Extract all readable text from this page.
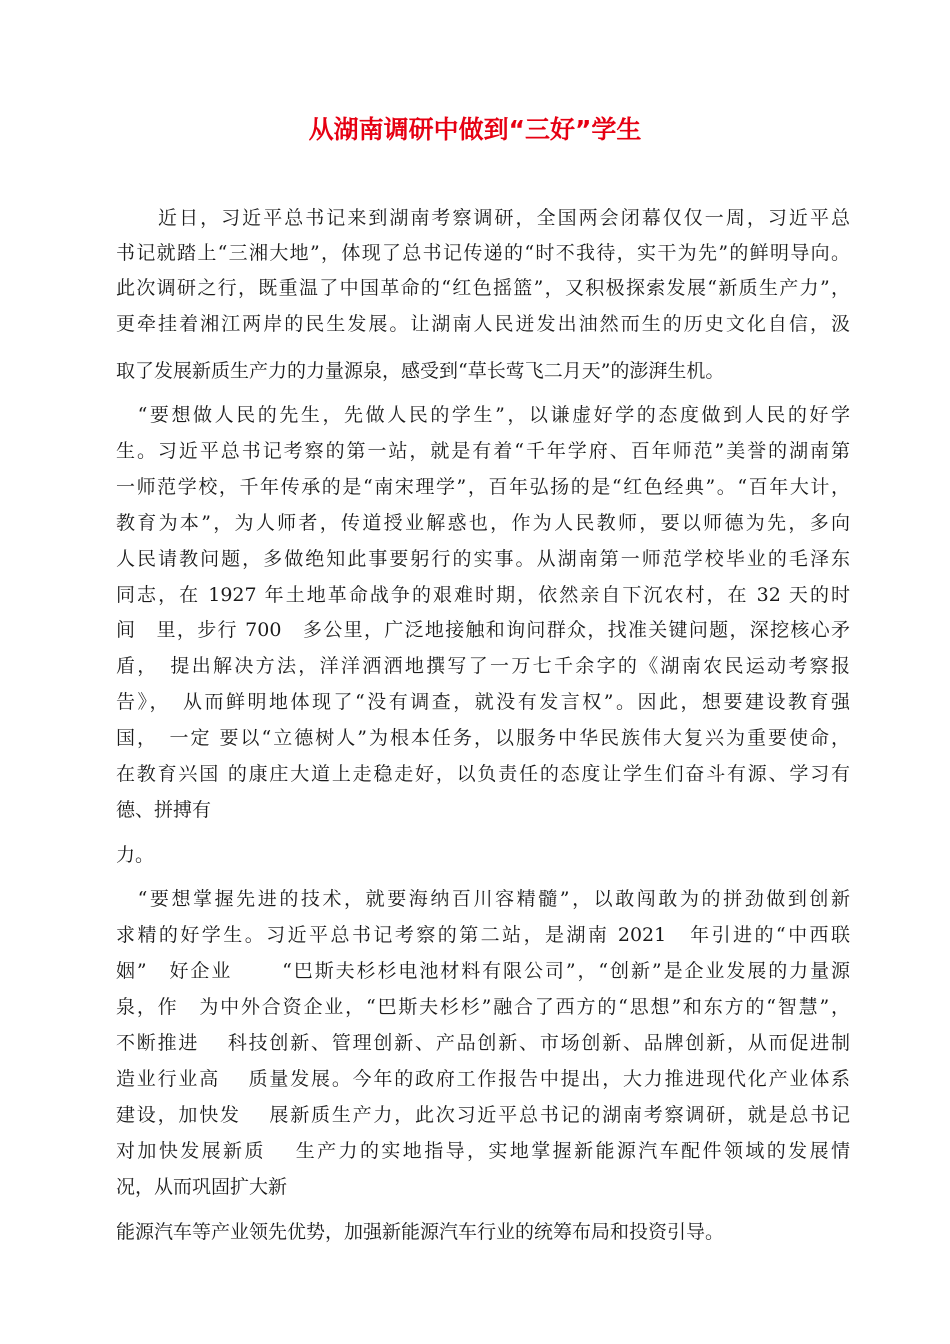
从湖南调研中做到“三好”学生

　　近日，习近平总书记来到湖南考察调研，全国两会闭幕仅仅一周，习近平总

书记就踏上“三湘大地”，体现了总书记传递的“时不我待，实干为先”的鲜明导向。

此次调研之行，既重温了中国革命的“红色摇篮”，又积极探索发展“新质生产力”，

更牵挂着湘江两岸的民生发展。让湖南人民迸发出油然而生的历史文化自信，汲

取了发展新质生产力的力量源泉，感受到“草长莺飞二月天”的澎湃生机。

　“要想做人民的先生，先做人民的学生”，以谦虚好学的态度做到人民的好学

生。习近平总书记考察的第一站，就是有着“千年学府、百年师范”美誉的湖南第

一师范学校，千年传承的是“南宋理学”，百年弘扬的是“红色经典”。“百年大计，

教育为本”，为人师者，传道授业解惑也，作为人民教师，要以师德为先，多向

人民请教问题，多做绝知此事要躬行的实事。从湖南第一师范学校毕业的毛泽东

同志，在 1927 年土地革命战争的艰难时期，依然亲自下沉农村，在 32 天的时

间　里，步行 700　多公里，广泛地接触和询问群众，找准关键问题，深挖核心矛

盾，　提出解决方法，洋洋洒洒地撰写了一万七千余字的《湖南农民运动考察报

告》，　从而鲜明地体现了“没有调查，就没有发言权”。因此，想要建设教育强

国，　一定 要以“立德树人”为根本任务，以服务中华民族伟大复兴为重要使命，

在教育兴国 的康庄大道上走稳走好，以负责任的态度让学生们奋斗有源、学习有

德、拼搏有

力。

　“要想掌握先进的技术，就要海纳百川容精髓”，以敢闯敢为的拼劲做到创新

求精的好学生。习近平总书记考察的第二站，是湖南 2021　年引进的“中西联

姻”　好企业　　 “巴斯夫杉杉电池材料有限公司”，“创新”是企业发展的力量源

泉，作　为中外合资企业，“巴斯夫杉杉”融合了西方的“思想”和东方的“智慧”，

不断推进　 科技创新、管理创新、产品创新、市场创新、品牌创新，从而促进制

造业行业高　 质量发展。今年的政府工作报告中提出，大力推进现代化产业体系

建设，加快发　 展新质生产力，此次习近平总书记的湖南考察调研，就是总书记

对加快发展新质　 生产力的实地指导，实地掌握新能源汽车配件领域的发展情

况，从而巩固扩大新

能源汽车等产业领先优势，加强新能源汽车行业的统筹布局和投资引导。
